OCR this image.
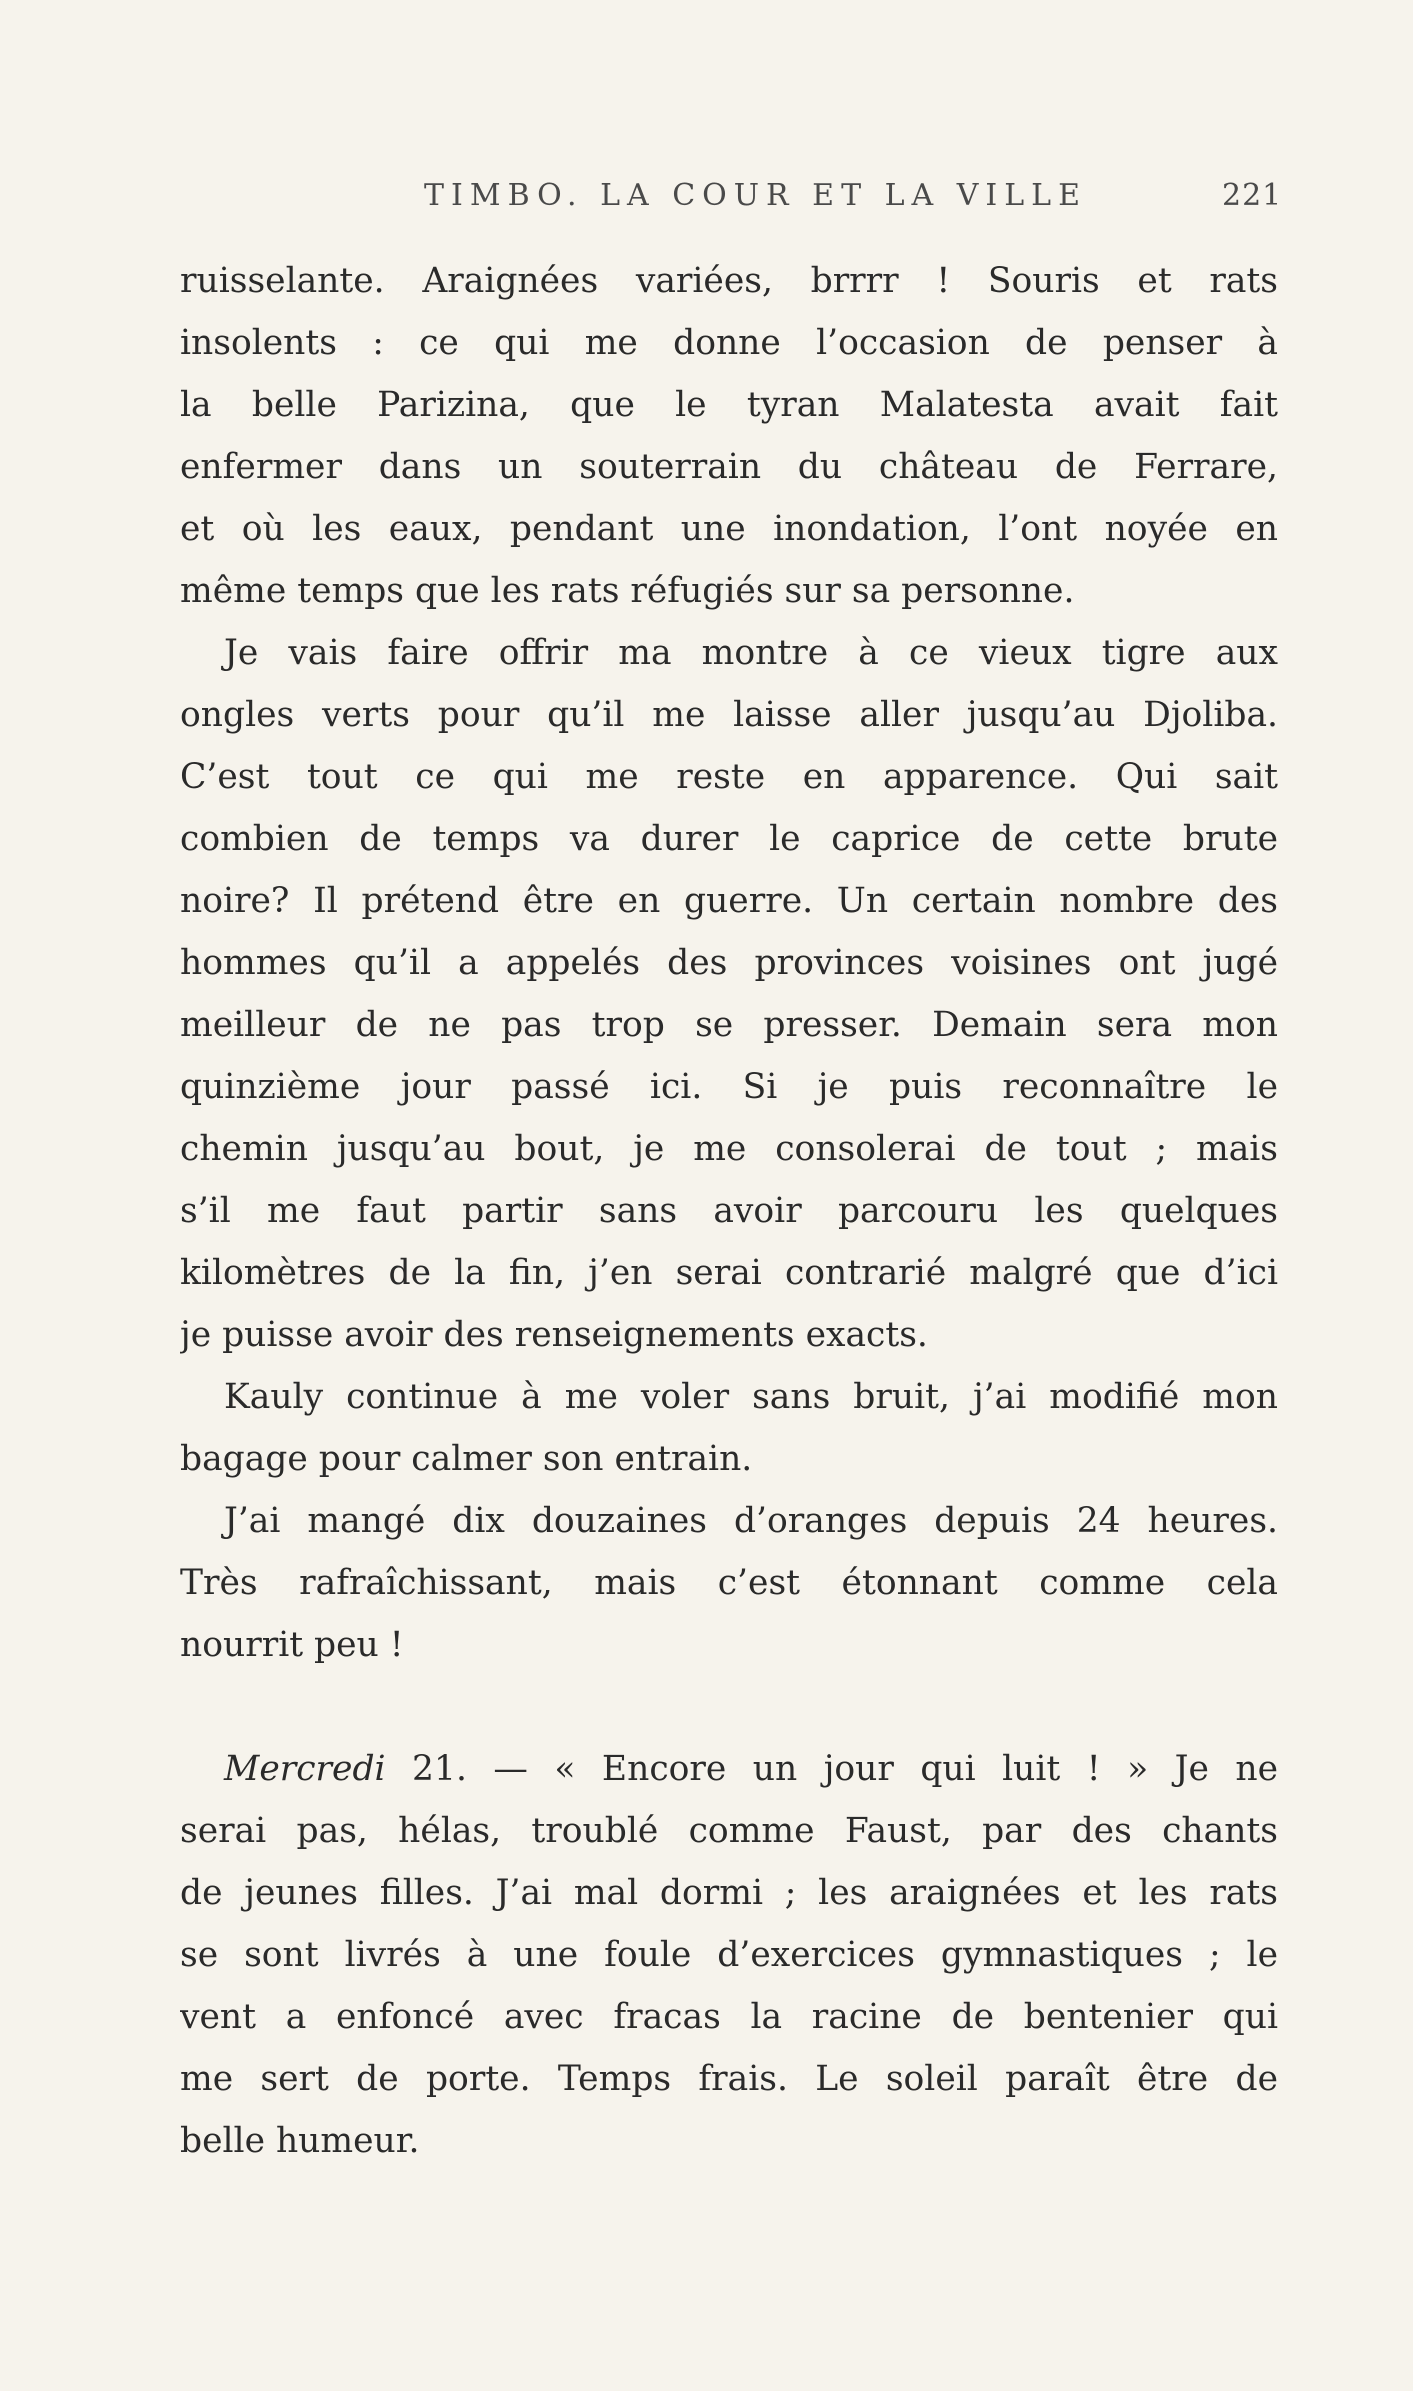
TIMBO. LA COUR ET LA VILLE	221
ruisselante. Araignées variées, brrrr ! Souris et rats
insolents : ce qui me donne l’occasion de penser à
la belle Parizina, que le tyran Malatesta avait fait
enfermer dans un souterrain du château de Ferrare,
et où les eaux, pendant une inondation, l’ont noyée en
même temps que les rats réfugiés sur sa personne.
Je vais faire offrir ma montre à ce vieux tigre aux
ongles verts pour qu’il me laisse aller jusqu’au Djoliba.
C’est tout ce qui me reste en apparence. Qui sait
combien de temps va durer le caprice de cette brute
noire? Il prétend être en guerre. Un certain nombre des
hommes qu’il a appelés des provinces voisines ont jugé
meilleur de ne pas trop se presser. Demain sera mon
quinzième jour passé ici. Si je puis reconnaître le
chemin jusqu’au bout, je me consolerai de tout ; mais
s’il me faut partir sans avoir parcouru les quelques
kilomètres de la fin, j’en serai contrarié malgré que d’ici
je puisse avoir des renseignements exacts.
Kauly continue à me voler sans bruit, j’ai modifié mon
bagage pour calmer son entrain.
J’ai mangé dix douzaines d’oranges depuis 24 heures.
Très rafraîchissant, mais c’est étonnant comme cela
nourrit peu !
Mercredi 21. — « Encore un jour qui luit ! » Je ne
serai pas, hélas, troublé comme Faust, par des chants
de jeunes filles. J’ai mal dormi ; les araignées et les rats
se sont livrés à une foule d’exercices gymnastiques ; le
vent a enfoncé avec fracas la racine de bentenier qui
me sert de porte. Temps frais. Le soleil paraît être de
belle humeur.
